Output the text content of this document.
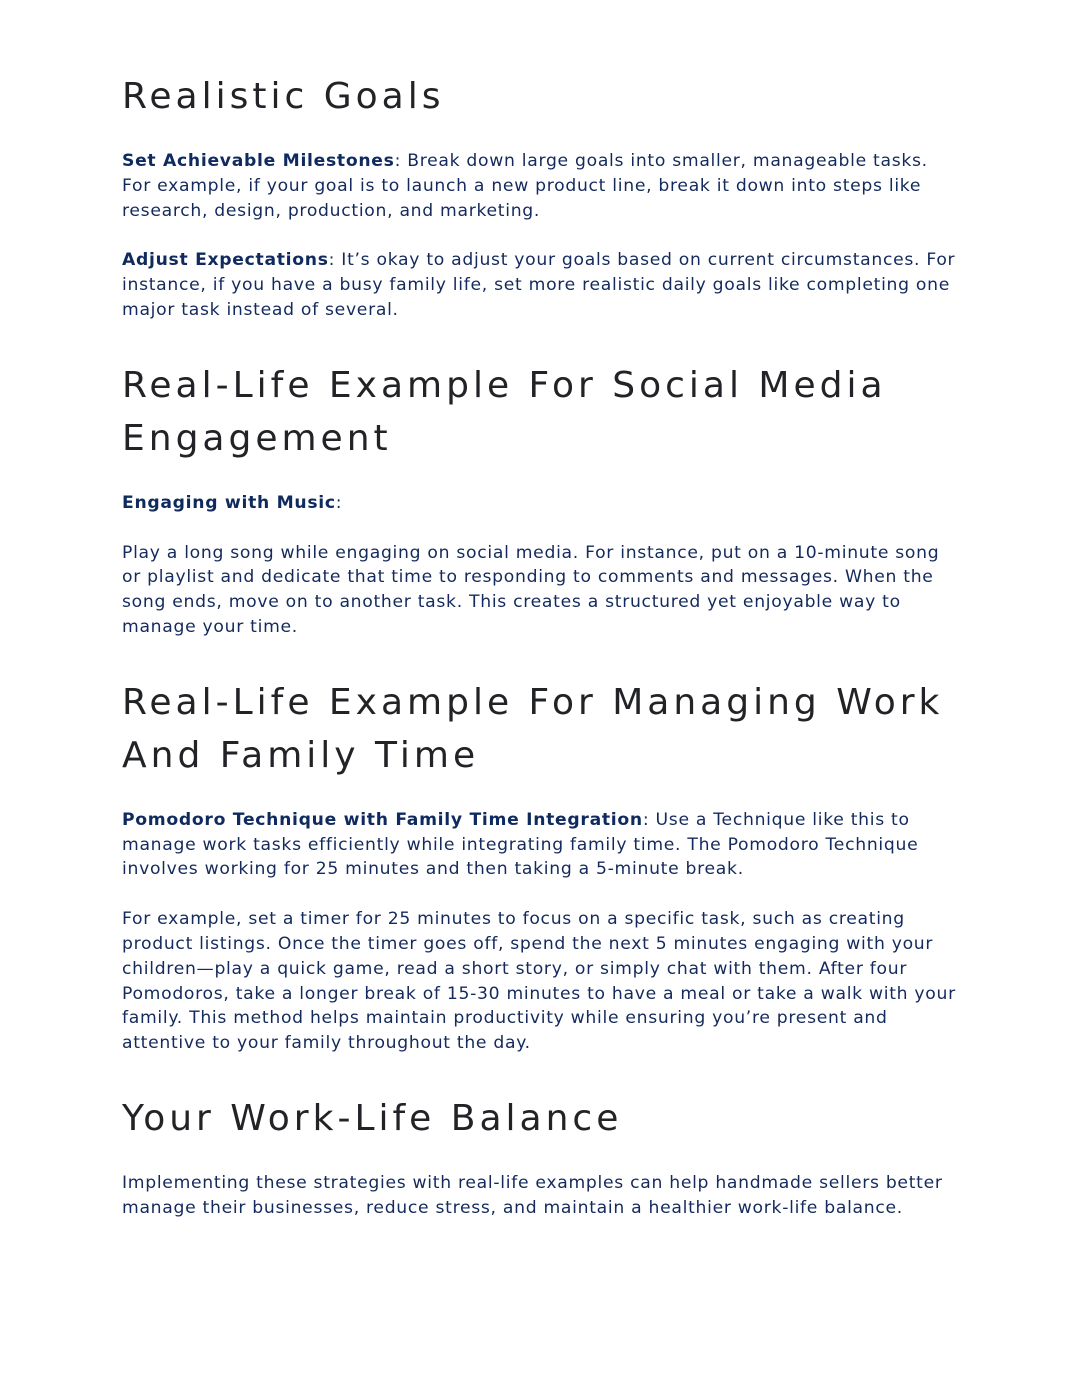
Realistic Goals

Set Achievable Milestones: Break down large goals into smaller, manageable tasks. For example, if your goal is to launch a new product line, break it down into steps like research, design, production, and marketing.

Adjust Expectations: It’s okay to adjust your goals based on current circumstances. For instance, if you have a busy family life, set more realistic daily goals like completing one major task instead of several.

Real-Life Example For Social Media Engagement

Engaging with Music:

Play a long song while engaging on social media. For instance, put on a 10-minute song or playlist and dedicate that time to responding to comments and messages. When the song ends, move on to another task. This creates a structured yet enjoyable way to manage your time.

Real-Life Example For Managing Work And Family Time

Pomodoro Technique with Family Time Integration: Use a Technique like this to manage work tasks efficiently while integrating family time. The Pomodoro Technique involves working for 25 minutes and then taking a 5-minute break.

For example, set a timer for 25 minutes to focus on a specific task, such as creating product listings. Once the timer goes off, spend the next 5 minutes engaging with your children—play a quick game, read a short story, or simply chat with them. After four Pomodoros, take a longer break of 15-30 minutes to have a meal or take a walk with your family. This method helps maintain productivity while ensuring you’re present and attentive to your family throughout the day.

Your Work-Life Balance

Implementing these strategies with real-life examples can help handmade sellers better manage their businesses, reduce stress, and maintain a healthier work-life balance.
